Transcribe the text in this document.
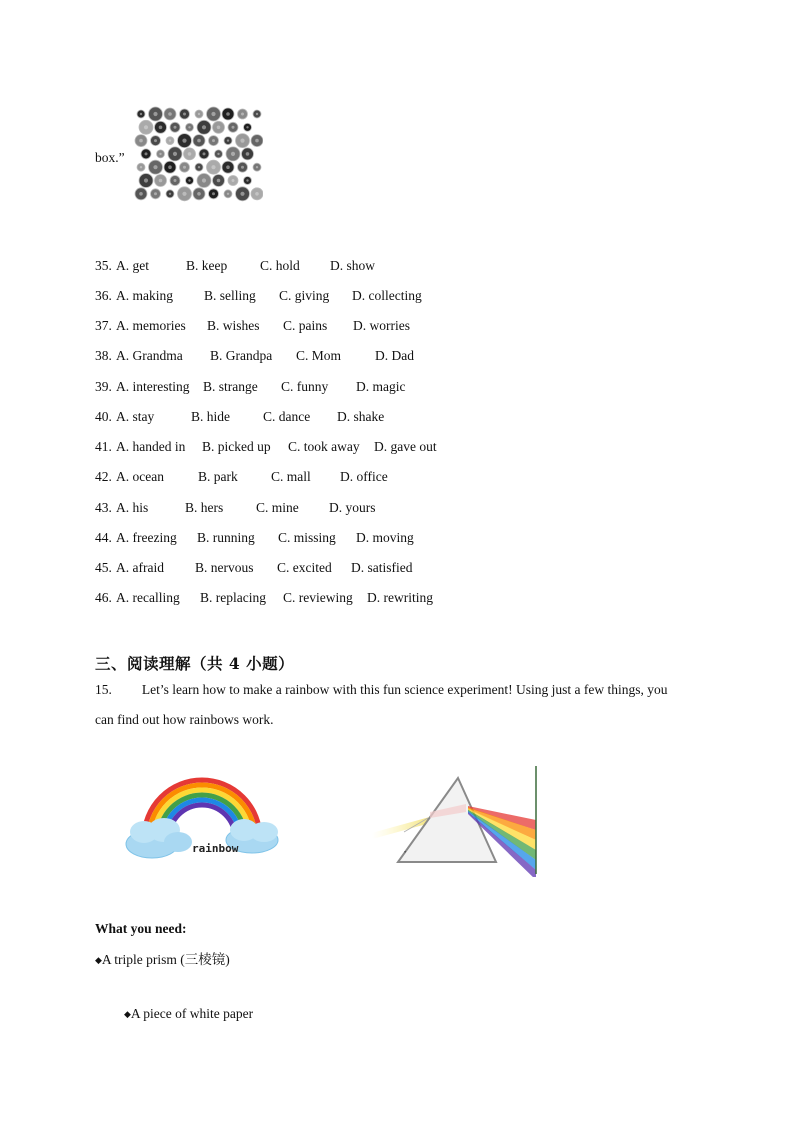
box.”
35. A. get	B. keep C. hold D. show
36. A. making B. selling C. giving D. collecting
37. A. memories B. wishes C. pains D. worries
38. A. Grandma B. Grandpa C. Mom	D. Dad
39. A. interesting B. strange C. funny D. magic
40. A. stay	B. hide C. dance D. shake
41. A. handed in B. picked up C. took away D. gave out
42. A. ocean	B. park C. mall D. office
43. A. his	B. hers C. mine D. yours
44. A. freezing B. running C. missing D. moving
45. A. afraid B. nervous C. excited D. satisfied
46. A. recalling B. replacing C. reviewing D. rewriting
三、阅读理解（共 4 小题）
15. Let’s learn how to make a rainbow with this fun science experiment! Using just a few things, you
can find out how rainbows work.
rainbow	•
What you need:
◆A triple prism (三棱镜)
◆A piece of white paper
